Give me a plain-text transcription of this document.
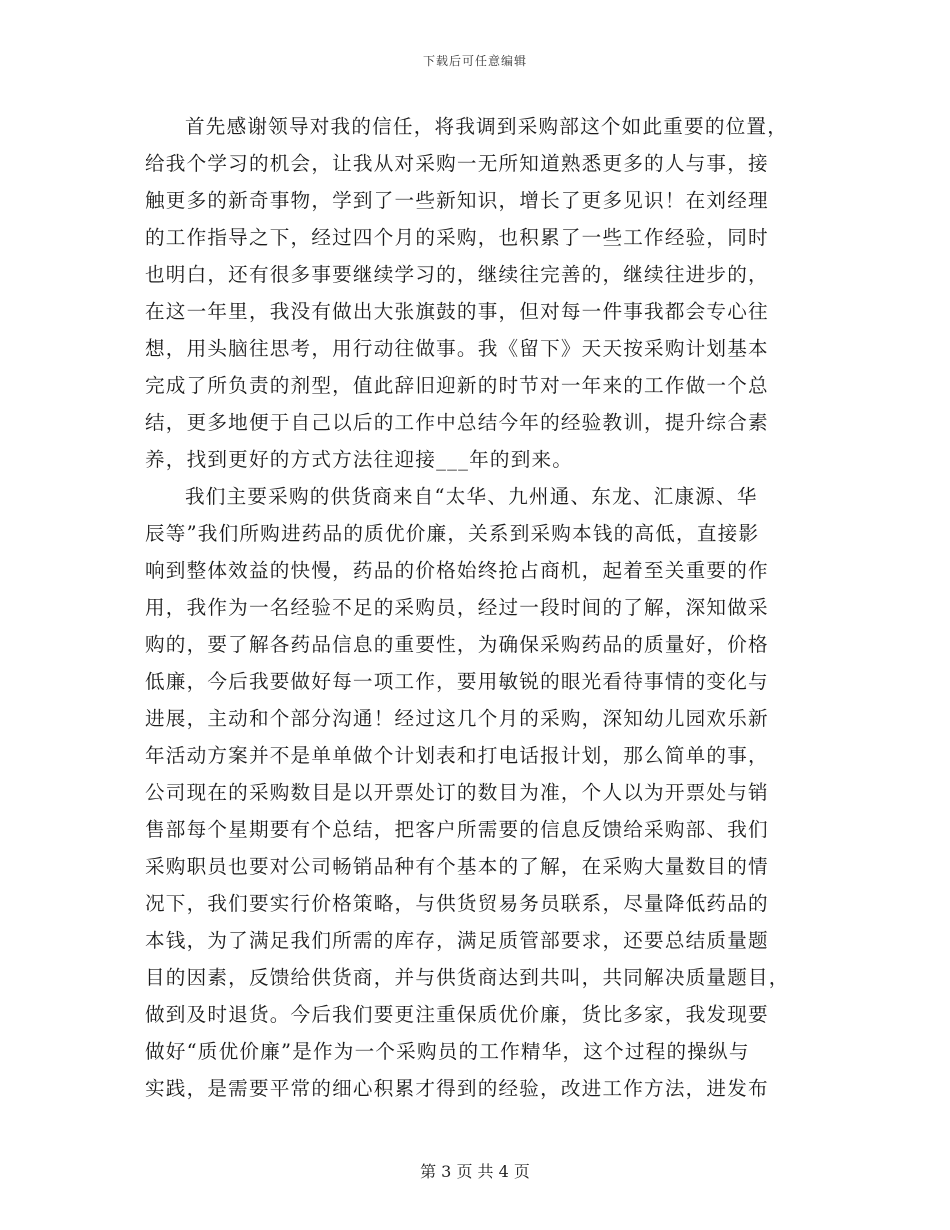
下载后可任意编辑

首先感谢领导对我的信任，将我调到采购部这个如此重要的位置，
给我个学习的机会，让我从对采购一无所知道熟悉更多的人与事，接
触更多的新奇事物，学到了一些新知识，增长了更多见识！在刘经理
的工作指导之下，经过四个月的采购，也积累了一些工作经验，同时
也明白，还有很多事要继续学习的，继续往完善的，继续往进步的，
在这一年里，我没有做出大张旗鼓的事，但对每一件事我都会专心往
想，用头脑往思考，用行动往做事。我《留下》天天按采购计划基本
完成了所负责的剂型，值此辞旧迎新的时节对一年来的工作做一个总
结，更多地便于自己以后的工作中总结今年的经验教训，提升综合素
养，找到更好的方式方法往迎接___年的到来。

我们主要采购的供货商来自“太华、九州通、东龙、汇康源、华
辰等”我们所购进药品的质优价廉，关系到采购本钱的高低，直接影
响到整体效益的快慢，药品的价格始终抢占商机，起着至关重要的作
用，我作为一名经验不足的采购员，经过一段时间的了解，深知做采
购的，要了解各药品信息的重要性，为确保采购药品的质量好，价格
低廉，今后我要做好每一项工作，要用敏锐的眼光看待事情的变化与
进展，主动和个部分沟通！经过这几个月的采购，深知幼儿园欢乐新
年活动方案并不是单单做个计划表和打电话报计划，那么简单的事，
公司现在的采购数目是以开票处订的数目为准，个人以为开票处与销
售部每个星期要有个总结，把客户所需要的信息反馈给采购部、我们
采购职员也要对公司畅销品种有个基本的了解，在采购大量数目的情
况下，我们要实行价格策略，与供货贸易务员联系，尽量降低药品的
本钱，为了满足我们所需的库存，满足质管部要求，还要总结质量题
目的因素，反馈给供货商，并与供货商达到共叫，共同解决质量题目，
做到及时退货。今后我们要更注重保质优价廉，货比多家，我发现要
做好“质优价廉”是作为一个采购员的工作精华，这个过程的操纵与
实践，是需要平常的细心积累才得到的经验，改进工作方法，进发布

第 3 页 共 4 页
